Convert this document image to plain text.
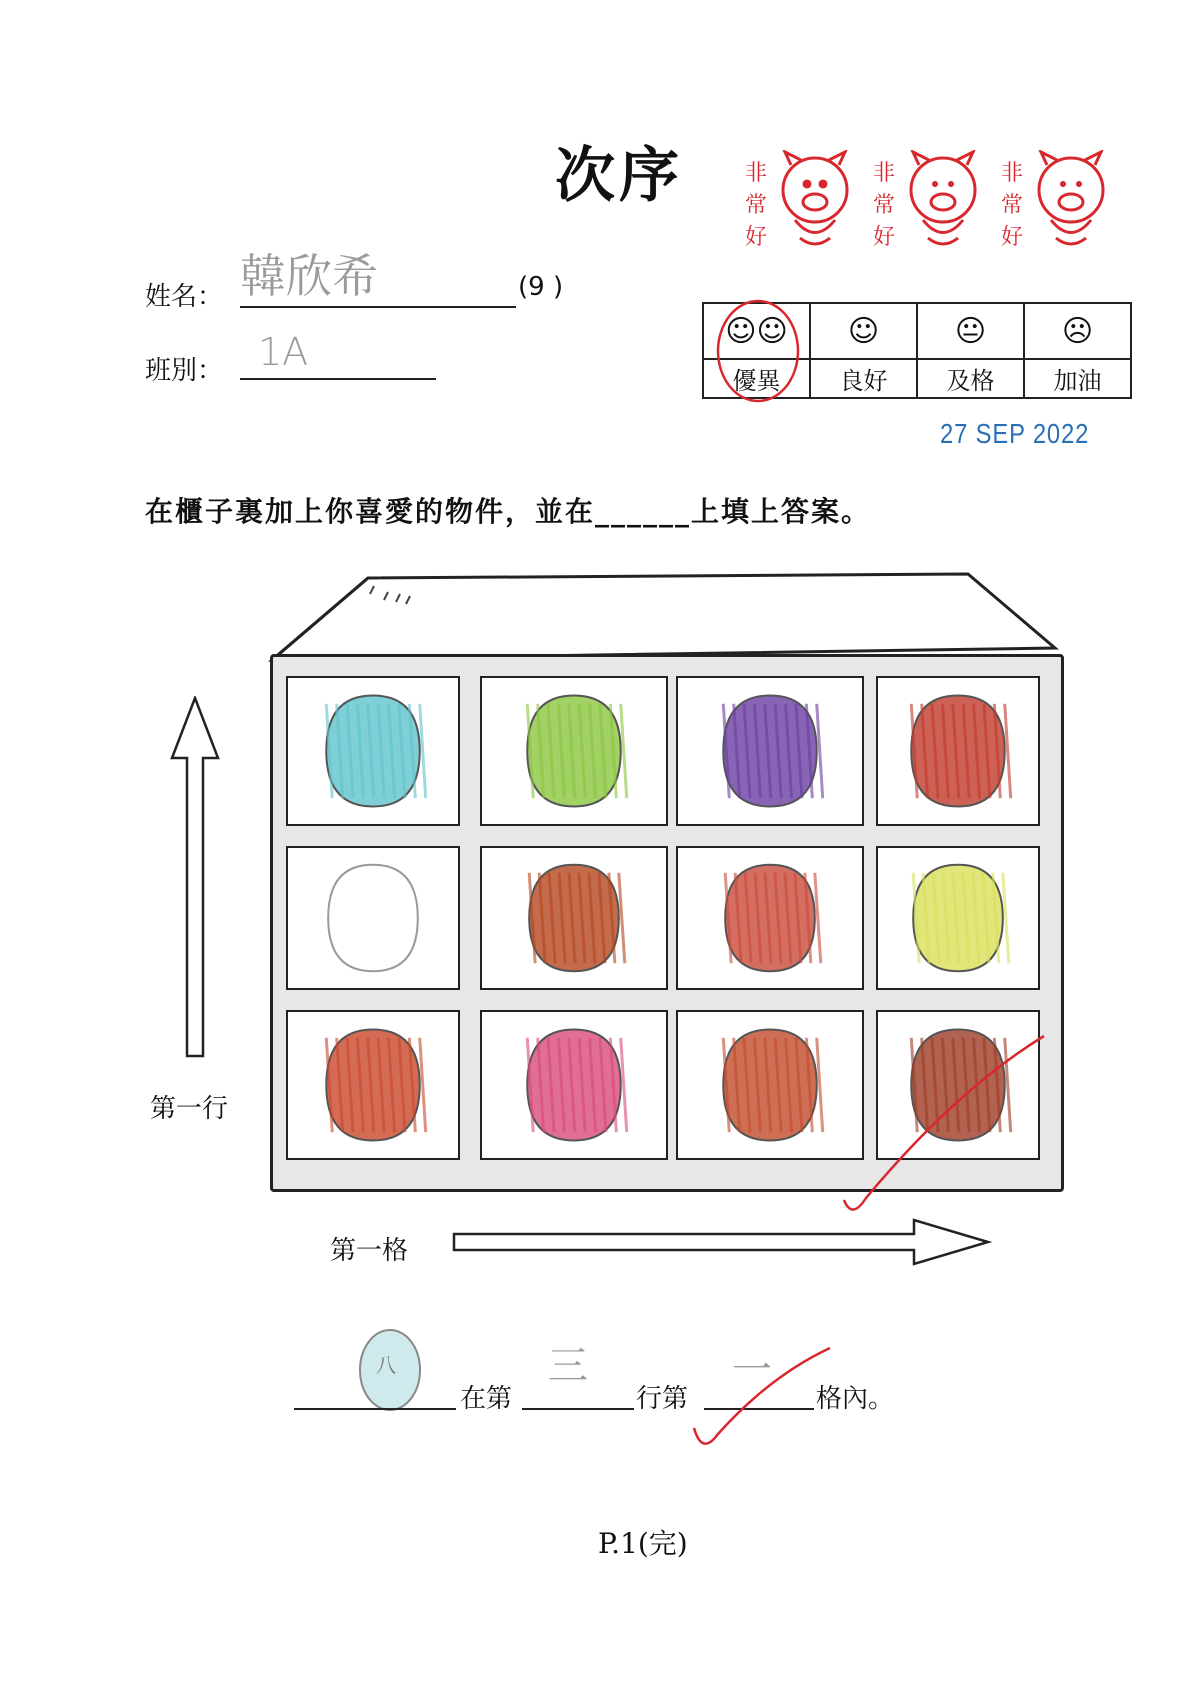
次序	非
常
好
非
常
好
非
常
好
姓名： 韓欣希	(9 )
班別： 1A	☺☺	☺	😐	☹
優異	良好	及格	加油
27 SEP 2022
在櫃子裏加上你喜愛的物件，並在______上填上答案。
第一行
第一格
八
在第
三
行第
一
格內。
P.1(完)
